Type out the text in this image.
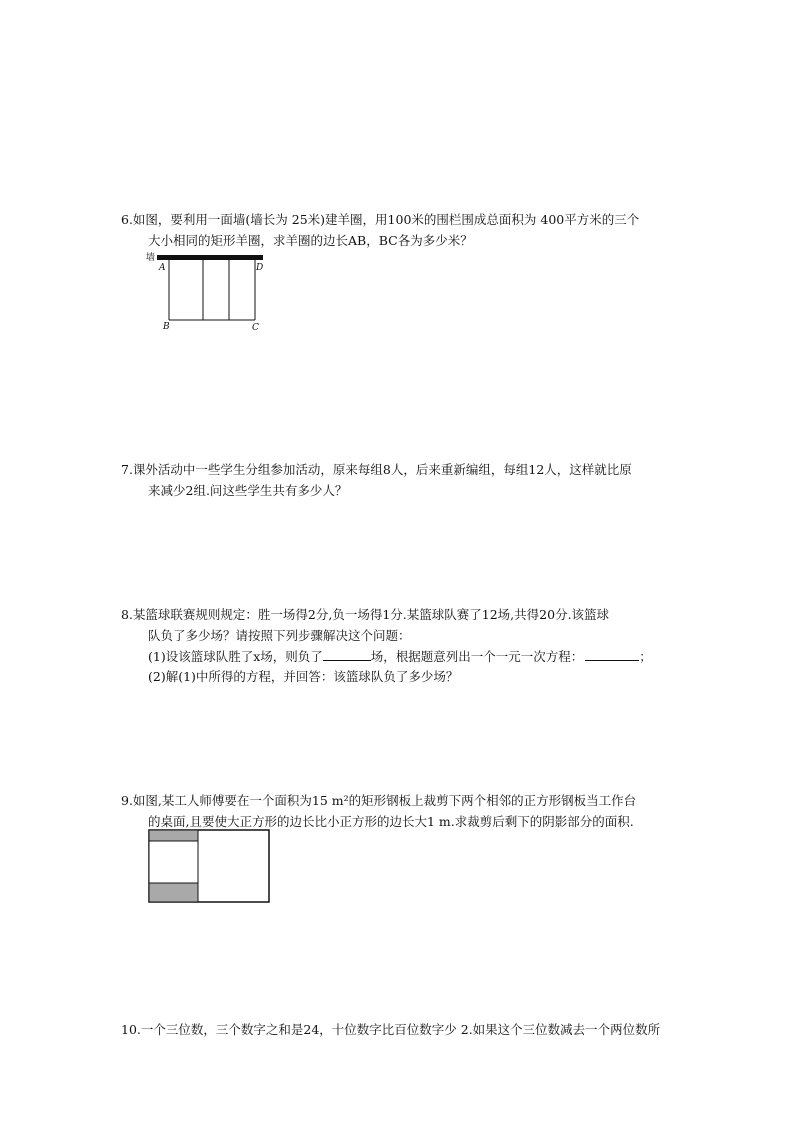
6.如图，要利用一面墙(墙长为 25米)建羊圈，用100米的围栏围成总面积为 400平方米的三个
大小相同的矩形羊圈，求羊圈的边长AB，BC各为多少米？
墙
A	D
B	C
7.课外活动中一些学生分组参加活动，原来每组8人，后来重新编组，每组12人，这样就比原
来减少2组.问这些学生共有多少人？
8.某篮球联赛规则规定：胜一场得2分,负一场得1分.某篮球队赛了12场,共得20分.该篮球
队负了多少场？请按照下列步骤解决这个问题：
(1)设该篮球队胜了x场，则负了	场，根据题意列出一个一元一次方程：	；
(2)解(1)中所得的方程，并回答：该篮球队负了多少场？
9.如图,某工人师傅要在一个面积为15 m²的矩形钢板上裁剪下两个相邻的正方形钢板当工作台
的桌面,且要使大正方形的边长比小正方形的边长大1 m.求裁剪后剩下的阴影部分的面积.
10.一个三位数，三个数字之和是24，十位数字比百位数字少 2.如果这个三位数减去一个两位数所
